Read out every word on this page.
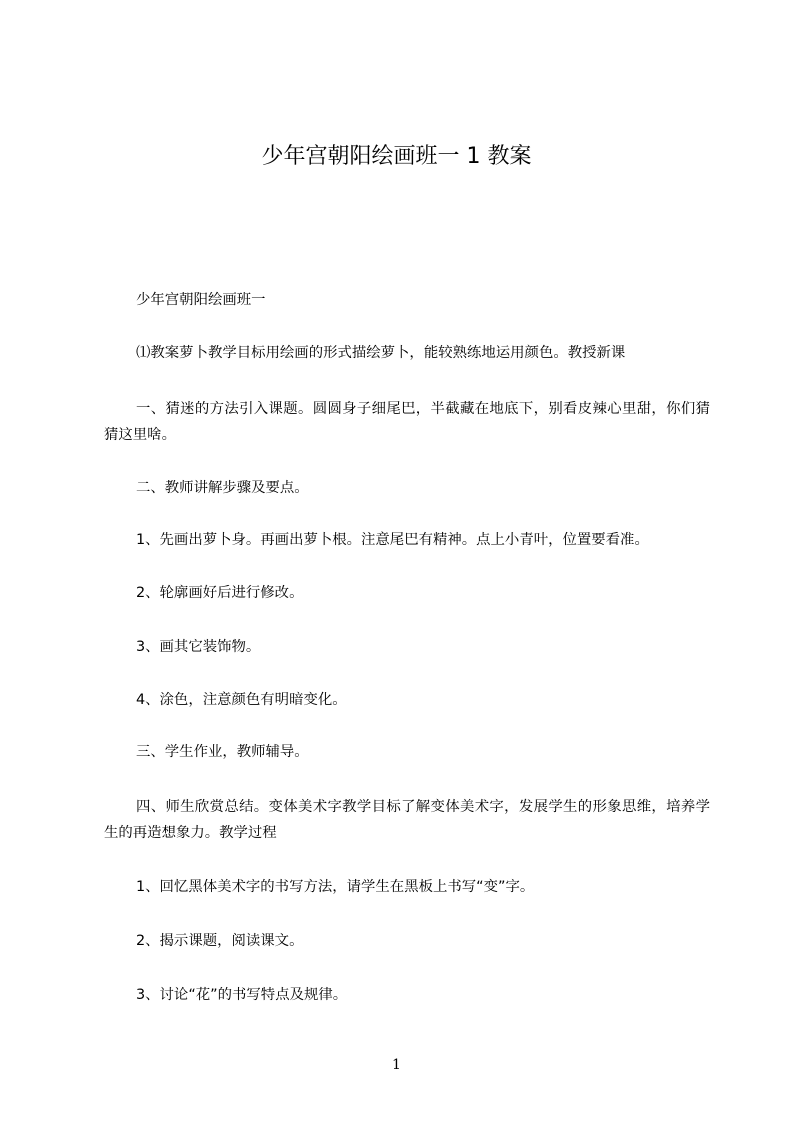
少年宫朝阳绘画班一 1 教案
少年宫朝阳绘画班一
⑴教案萝卜教学目标用绘画的形式描绘萝卜，能较熟练地运用颜色。教授新课
一、猜迷的方法引入课题。圆圆身子细尾巴，半截藏在地底下，别看皮辣心里甜，你们猜猜这里啥。
二、教师讲解步骤及要点。
1、先画出萝卜身。再画出萝卜根。注意尾巴有精神。点上小青叶，位置要看准。
2、轮廓画好后进行修改。
3、画其它装饰物。
4、涂色，注意颜色有明暗变化。
三、学生作业，教师辅导。
四、师生欣赏总结。变体美术字教学目标了解变体美术字，发展学生的形象思维，培养学生的再造想象力。教学过程
1、回忆黑体美术字的书写方法，请学生在黑板上书写“变”字。
2、揭示课题，阅读课文。
3、讨论“花”的书写特点及规律。
1
